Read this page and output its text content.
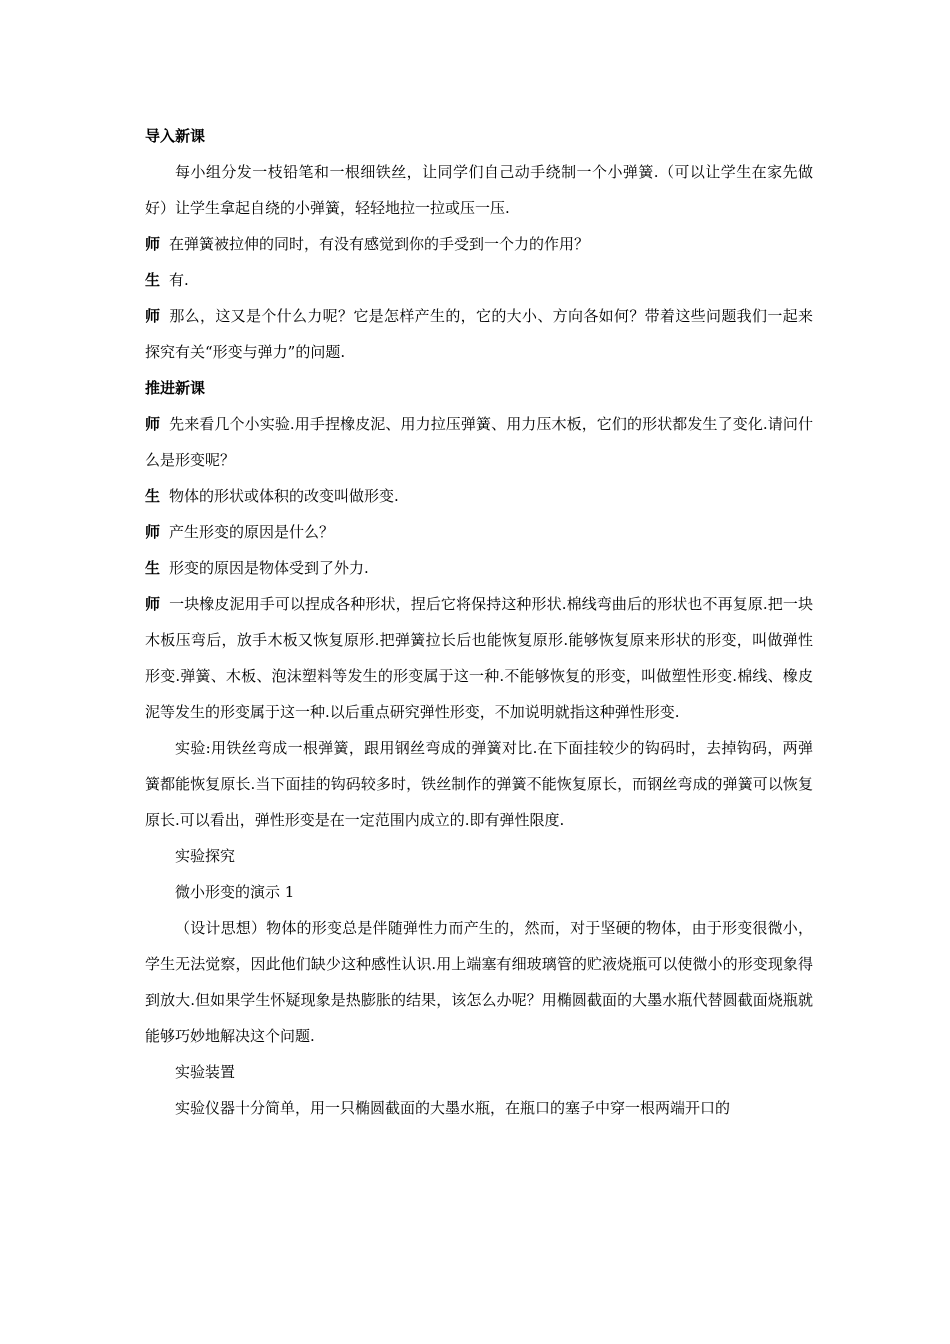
导入新课

每小组分发一枝铅笔和一根细铁丝，让同学们自己动手绕制一个小弹簧.（可以让学生在家先做好）让学生拿起自绕的小弹簧，轻轻地拉一拉或压一压.

师 在弹簧被拉伸的同时，有没有感觉到你的手受到一个力的作用？

生 有.

师 那么，这又是个什么力呢？它是怎样产生的，它的大小、方向各如何？带着这些问题我们一起来探究有关“形变与弹力”的问题.

推进新课

师 先来看几个小实验.用手捏橡皮泥、用力拉压弹簧、用力压木板，它们的形状都发生了变化.请问什么是形变呢？

生 物体的形状或体积的改变叫做形变.

师 产生形变的原因是什么？

生 形变的原因是物体受到了外力.

师 一块橡皮泥用手可以捏成各种形状，捏后它将保持这种形状.棉线弯曲后的形状也不再复原.把一块木板压弯后，放手木板又恢复原形.把弹簧拉长后也能恢复原形.能够恢复原来形状的形变，叫做弹性形变.弹簧、木板、泡沫塑料等发生的形变属于这一种.不能够恢复的形变，叫做塑性形变.棉线、橡皮泥等发生的形变属于这一种.以后重点研究弹性形变，不加说明就指这种弹性形变.

实验:用铁丝弯成一根弹簧，跟用钢丝弯成的弹簧对比.在下面挂较少的钩码时，去掉钩码，两弹簧都能恢复原长.当下面挂的钩码较多时，铁丝制作的弹簧不能恢复原长，而钢丝弯成的弹簧可以恢复原长.可以看出，弹性形变是在一定范围内成立的.即有弹性限度.

实验探究

微小形变的演示 1

（设计思想）物体的形变总是伴随弹性力而产生的，然而，对于坚硬的物体，由于形变很微小，学生无法觉察，因此他们缺少这种感性认识.用上端塞有细玻璃管的贮液烧瓶可以使微小的形变现象得到放大.但如果学生怀疑现象是热膨胀的结果，该怎么办呢？用椭圆截面的大墨水瓶代替圆截面烧瓶就能够巧妙地解决这个问题.

实验装置

实验仪器十分简单，用一只椭圆截面的大墨水瓶，在瓶口的塞子中穿一根两端开口的
